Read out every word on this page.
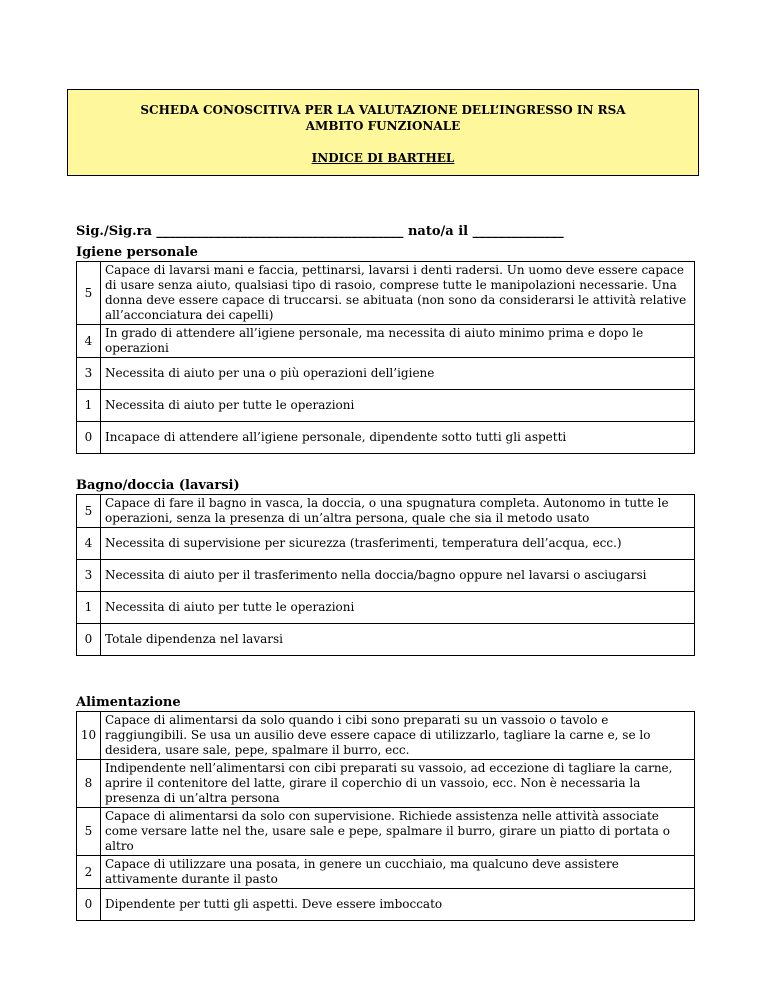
SCHEDA CONOSCITIVA PER LA VALUTAZIONE DELL’INGRESSO IN RSA
AMBITO FUNZIONALE
INDICE DI BARTHEL
Sig./Sig.ra ______________________________________ nato/a il ______________
Igiene personale
5	Capace di lavarsi mani e faccia, pettinarsi, lavarsi i denti radersi. Un uomo deve essere capace di usare senza aiuto, qualsiasi tipo di rasoio, comprese tutte le manipolazioni necessarie. Una donna deve essere capace di truccarsi. se abituata (non sono da considerarsi le attività relative all’acconciatura dei capelli)
4	In grado di attendere all’igiene personale, ma necessita di aiuto minimo prima e dopo le operazioni
3	Necessita di aiuto per una o più operazioni dell’igiene
1	Necessita di aiuto per tutte le operazioni
0	Incapace di attendere all’igiene personale, dipendente sotto tutti gli aspetti
Bagno/doccia (lavarsi)
5	Capace di fare il bagno in vasca, la doccia, o una spugnatura completa. Autonomo in tutte le operazioni, senza la presenza di un’altra persona, quale che sia il metodo usato
4	Necessita di supervisione per sicurezza (trasferimenti, temperatura dell’acqua, ecc.)
3	Necessita di aiuto per il trasferimento nella doccia/bagno oppure nel lavarsi o asciugarsi
1	Necessita di aiuto per tutte le operazioni
0	Totale dipendenza nel lavarsi
Alimentazione
10	Capace di alimentarsi da solo quando i cibi sono preparati su un vassoio o tavolo e raggiungibili. Se usa un ausilio deve essere capace di utilizzarlo, tagliare la carne e, se lo desidera, usare sale, pepe, spalmare il burro, ecc.
8	Indipendente nell’alimentarsi con cibi preparati su vassoio, ad eccezione di tagliare la carne, aprire il contenitore del latte, girare il coperchio di un vassoio, ecc. Non è necessaria la presenza di un’altra persona
5	Capace di alimentarsi da solo con supervisione. Richiede assistenza nelle attività associate come versare latte nel the, usare sale e pepe, spalmare il burro, girare un piatto di portata o altro
2	Capace di utilizzare una posata, in genere un cucchiaio, ma qualcuno deve assistere attivamente durante il pasto
0	Dipendente per tutti gli aspetti. Deve essere imboccato
